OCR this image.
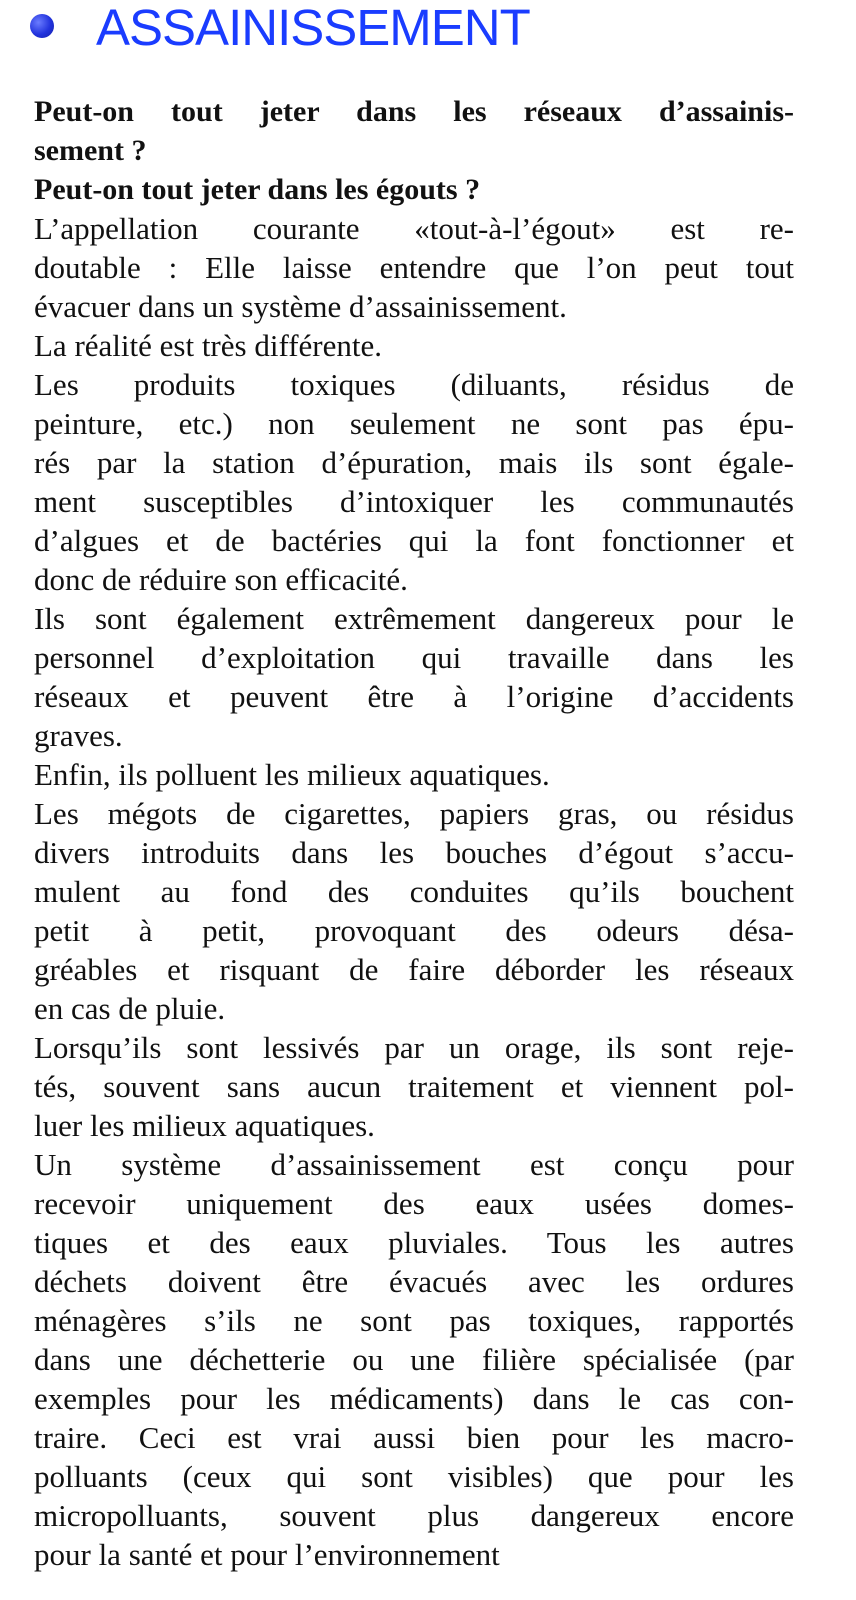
ASSAINISSEMENT
Peut-on tout jeter dans les réseaux d’assainis-
sement ?
Peut-on tout jeter dans les égouts ?
L’appellation courante «tout-à-l’égout» est re-
doutable : Elle laisse entendre que l’on peut tout
évacuer dans un système d’assainissement.
La réalité est très différente.
Les produits toxiques (diluants, résidus de
peinture, etc.) non seulement ne sont pas épu-
rés par la station d’épuration, mais ils sont égale-
ment susceptibles d’intoxiquer les communautés
d’algues et de bactéries qui la font fonctionner et
donc de réduire son efficacité.
Ils sont également extrêmement dangereux pour le
personnel d’exploitation qui travaille dans les
réseaux et peuvent être à l’origine d’accidents
graves.
Enfin, ils polluent les milieux aquatiques.
Les mégots de cigarettes, papiers gras, ou résidus
divers introduits dans les bouches d’égout s’accu-
mulent au fond des conduites qu’ils bouchent
petit à petit, provoquant des odeurs désa-
gréables et risquant de faire déborder les réseaux
en cas de pluie.
Lorsqu’ils sont lessivés par un orage, ils sont reje-
tés, souvent sans aucun traitement et viennent pol-
luer les milieux aquatiques.
Un système d’assainissement est conçu pour
recevoir uniquement des eaux usées domes-
tiques et des eaux pluviales. Tous les autres
déchets doivent être évacués avec les ordures
ménagères s’ils ne sont pas toxiques, rapportés
dans une déchetterie ou une filière spécialisée (par
exemples pour les médicaments) dans le cas con-
traire. Ceci est vrai aussi bien pour les macro-
polluants (ceux qui sont visibles) que pour les
micropolluants, souvent plus dangereux encore
pour la santé et pour l’environnement
